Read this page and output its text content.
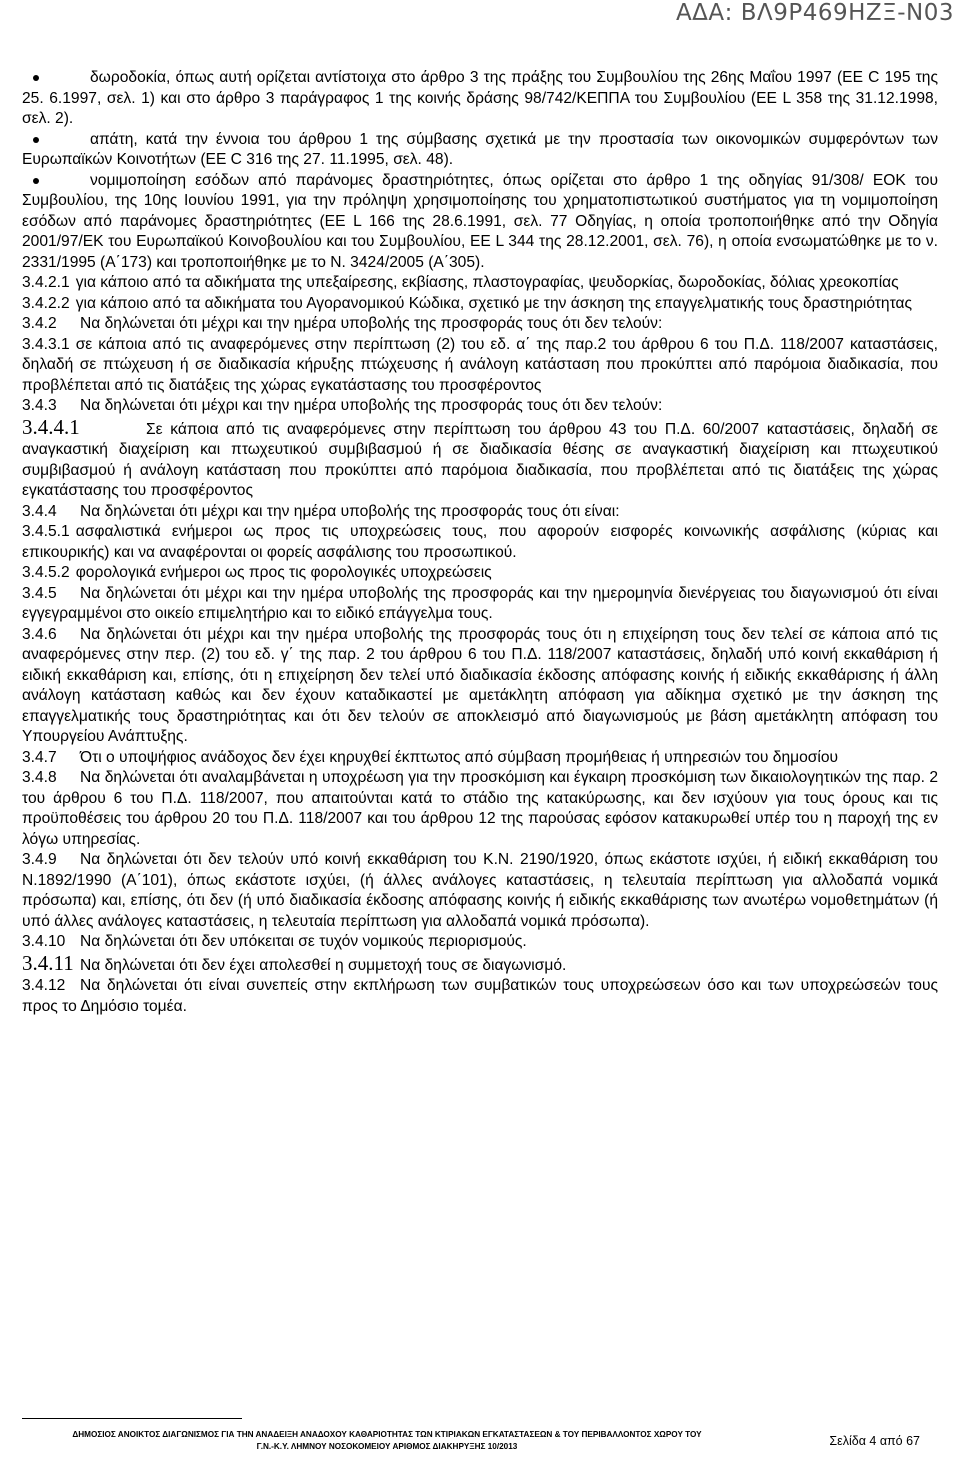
ΑΔΑ: ΒΛ9Ρ469ΗΖΞ-Ν03
δωροδοκία, όπως αυτή ορίζεται αντίστοιχα στο άρθρο 3 της πράξης του Συμβουλίου της 26ης Μαΐου 1997 (ΕΕ C 195 της 25. 6.1997, σελ. 1) και στο άρθρο 3 παράγραφος 1 της κοινής δράσης 98/742/ΚΕΠΠΑ του Συμβουλίου (ΕΕ L 358 της 31.12.1998, σελ. 2).
απάτη, κατά την έννοια του άρθρου 1 της σύμβασης σχετικά με την προστασία των οικονομικών συμφερόντων των Ευρωπαϊκών Κοινοτήτων (ΕΕ C 316 της 27. 11.1995, σελ. 48).
νομιμοποίηση εσόδων από παράνομες δραστηριότητες, όπως ορίζεται στο άρθρο 1 της οδηγίας 91/308/ ΕΟΚ του Συμβουλίου, της 10ης Ιουνίου 1991, για την πρόληψη χρησιμοποίησης του χρηματοπιστωτικού συστήματος για τη νομιμοποίηση εσόδων από παράνομες δραστηριότητες (ΕΕ L 166 της 28.6.1991, σελ. 77 Οδηγίας, η οποία τροποποιήθηκε από την Οδηγία 2001/97/ΕΚ του Ευρωπαϊκού Κοινοβουλίου και του Συμβουλίου, ΕΕ L 344 της 28.12.2001, σελ. 76), η οποία ενσωματώθηκε με το ν. 2331/1995 (Α΄173) και τροποποιήθηκε με το Ν. 3424/2005 (Α΄305).

3.4.2.1 για κάποιο από τα αδικήματα της υπεξαίρεσης, εκβίασης, πλαστογραφίας, ψευδορκίας, δωροδοκίας, δόλιας χρεοκοπίας

3.4.2.2 για κάποιο από τα αδικήματα του Αγορανομικού Κώδικα, σχετικό με την άσκηση της επαγγελματικής τους δραστηριότητας

3.4.2 Να δηλώνεται ότι μέχρι και την ημέρα υποβολής της προσφοράς τους ότι δεν τελούν:

3.4.3.1 σε κάποια από τις αναφερόμενες στην περίπτωση (2) του εδ. α΄ της παρ.2 του άρθρου 6 του Π.Δ. 118/2007 καταστάσεις, δηλαδή σε πτώχευση ή σε διαδικασία κήρυξης πτώχευσης ή ανάλογη κατάσταση που προκύπτει από παρόμοια διαδικασία, που προβλέπεται από τις διατάξεις της χώρας εγκατάστασης του προσφέροντος

3.4.3 Να δηλώνεται ότι μέχρι και την ημέρα υποβολής της προσφοράς τους ότι δεν τελούν:

3.4.4.1	Σε κάποια από τις αναφερόμενες στην περίπτωση του άρθρου 43 του Π.Δ. 60/2007 καταστάσεις, δηλαδή σε αναγκαστική διαχείριση και πτωχευτικού συμβιβασμού ή σε διαδικασία θέσης σε αναγκαστική διαχείριση και πτωχευτικού συμβιβασμού ή ανάλογη κατάσταση που προκύπτει από παρόμοια διαδικασία, που προβλέπεται από τις διατάξεις της χώρας εγκατάστασης του προσφέροντος

3.4.4 Να δηλώνεται ότι μέχρι και την ημέρα υποβολής της προσφοράς τους ότι είναι:

3.4.5.1 ασφαλιστικά ενήμεροι ως προς τις υποχρεώσεις τους, που αφορούν εισφορές κοινωνικής ασφάλισης (κύριας και επικουρικής) και να αναφέρονται οι φορείς ασφάλισης του προσωπικού.

3.4.5.2 φορολογικά ενήμεροι ως προς τις φορολογικές υποχρεώσεις

3.4.5 Να δηλώνεται ότι μέχρι και την ημέρα υποβολής της προσφοράς και την ημερομηνία διενέργειας του διαγωνισμού ότι είναι εγγεγραμμένοι στο οικείο επιμελητήριο και το ειδικό επάγγελμα τους.

3.4.6 Να δηλώνεται ότι μέχρι και την ημέρα υποβολής της προσφοράς τους ότι η επιχείρηση τους δεν τελεί σε κάποια από τις αναφερόμενες στην περ. (2) του εδ. γ΄ της παρ. 2 του άρθρου 6 του Π.Δ. 118/2007 καταστάσεις, δηλαδή υπό κοινή εκκαθάριση ή ειδική εκκαθάριση και, επίσης, ότι η επιχείρηση δεν τελεί υπό διαδικασία έκδοσης απόφασης κοινής ή ειδικής εκκαθάρισης ή άλλη ανάλογη κατάσταση καθώς και δεν έχουν καταδικαστεί με αμετάκλητη απόφαση για αδίκημα σχετικό με την άσκηση της επαγγελματικής τους δραστηριότητας και ότι δεν τελούν σε αποκλεισμό από διαγωνισμούς με βάση αμετάκλητη απόφαση του Υπουργείου Ανάπτυξης.

3.4.7 Ότι ο υποψήφιος ανάδοχος δεν έχει κηρυχθεί έκπτωτος από σύμβαση προμήθειας ή υπηρεσιών του δημοσίου

3.4.8 Να δηλώνεται ότι αναλαμβάνεται η υποχρέωση για την προσκόμιση και έγκαιρη προσκόμιση των δικαιολογητικών της παρ. 2 του άρθρου 6 του Π.Δ. 118/2007, που απαιτούνται κατά το στάδιο της κατακύρωσης, και δεν ισχύουν για τους όρους και τις προϋποθέσεις του άρθρου 20 του Π.Δ. 118/2007 και του άρθρου 12 της παρούσας εφόσον κατακυρωθεί υπέρ του η παροχή της εν λόγω υπηρεσίας.

3.4.9 Να δηλώνεται ότι δεν τελούν υπό κοινή εκκαθάριση του Κ.Ν. 2190/1920, όπως εκάστοτε ισχύει, ή ειδική εκκαθάριση του Ν.1892/1990 (Α΄101), όπως εκάστοτε ισχύει, (ή άλλες ανάλογες καταστάσεις, η τελευταία περίπτωση για αλλοδαπά νομικά πρόσωπα) και, επίσης, ότι δεν (ή υπό διαδικασία έκδοσης απόφασης κοινής ή ειδικής εκκαθάρισης των ανωτέρω νομοθετημάτων (ή υπό άλλες ανάλογες καταστάσεις, η τελευταία περίπτωση για αλλοδαπά νομικά πρόσωπα).

3.4.10 Να δηλώνεται ότι δεν υπόκειται σε τυχόν νομικούς περιορισμούς.

3.4.11 Να δηλώνεται ότι δεν έχει απολεσθεί η συμμετοχή τους σε διαγωνισμό.

3.4.12 Να δηλώνεται ότι είναι συνεπείς στην εκπλήρωση των συμβατικών τους υποχρεώσεων όσο και των υποχρεώσεών τους προς το Δημόσιο τομέα.

ΔΗΜΟΣΙΟΣ ΑΝΟΙΚΤΟΣ ΔΙΑΓΩΝΙΣΜΟΣ ΓΙΑ ΤΗΝ ΑΝΑΔΕΙΞΗ ΑΝΑΔΟΧΟΥ ΚΑΘΑΡΙΟΤΗΤΑΣ ΤΩΝ ΚΤΙΡΙΑΚΩΝ ΕΓΚΑΤΑΣΤΑΣΕΩΝ & ΤΟΥ ΠΕΡΙΒΑΛΛΟΝΤΟΣ ΧΩΡΟΥ ΤΟΥ
Γ.Ν.-Κ.Υ. ΛΗΜΝΟΥ ΝΟΣΟΚΟΜΕΙΟΥ ΑΡΙΘΜΟΣ ΔΙΑΚΗΡΥΞΗΣ 10/2013	Σελίδα 4 από 67
